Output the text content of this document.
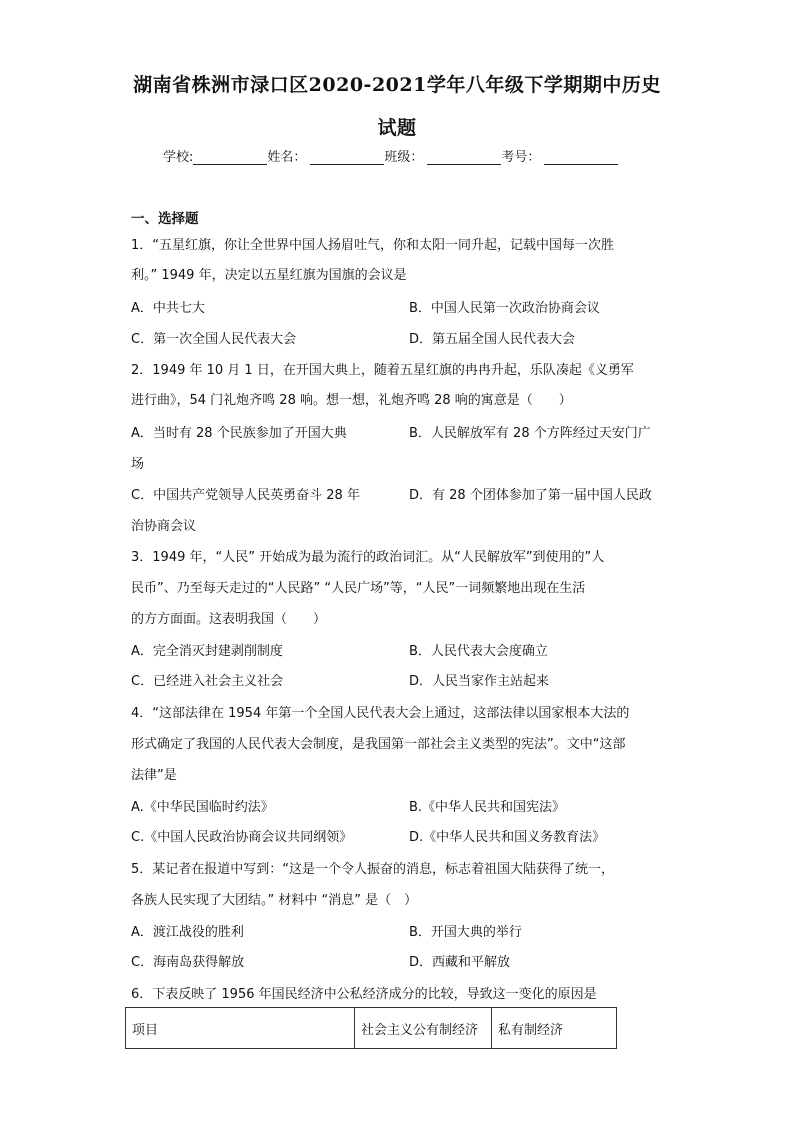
湖南省株洲市渌口区2020-2021学年八年级下学期期中历史
试题
学校:	姓名：	班级：	考号：
一、选择题
1．“五星红旗，你让全世界中国人扬眉吐气，你和太阳一同升起，记载中国每一次胜
利。” 1949 年，决定以五星红旗为国旗的会议是
A．中共七大	B．中国人民第一次政治协商会议
C．第一次全国人民代表大会	D．第五届全国人民代表大会
2．1949 年 10 月 1 日，在开国大典上，随着五星红旗的冉冉升起，乐队凑起《义勇军
进行曲》，54 门礼炮齐鸣 28 响。想一想，礼炮齐鸣 28 响的寓意是（　　）
A．当时有 28 个民族参加了开国大典	B．人民解放军有 28 个方阵经过天安门广
场
C．中国共产党领导人民英勇奋斗 28 年	D．有 28 个团体参加了第一届中国人民政
治协商会议
3．1949 年，“人民” 开始成为最为流行的政治词汇。从“人民解放军”到使用的”人
民币”、乃至每天走过的“人民路” “人民广场”等，“人民”一词频繁地出现在生活
的方方面面。这表明我国（　　）
A．完全消灭封建剥削制度	B．人民代表大会度确立
C．已经进入社会主义社会	D．人民当家作主站起来
4．“这部法律在 1954 年第一个全国人民代表大会上通过，这部法律以国家根本大法的
形式确定了我国的人民代表大会制度，是我国第一部社会主义类型的宪法”。文中“这部
法律”是
A.《中华民国临时约法》	B.《中华人民共和国宪法》
C.《中国人民政治协商会议共同纲领》	D.《中华人民共和国义务教育法》
5．某记者在报道中写到：“这是一个令人振奋的消息，标志着祖国大陆获得了统一，
各族人民实现了大团结。” 材料中 “消息” 是（　）
A．渡江战役的胜利	B．开国大典的举行
C．海南岛获得解放	D．西藏和平解放
6．下表反映了 1956 年国民经济中公私经济成分的比较，导致这一变化的原因是
项目	社会主义公有制经济	私有制经济
